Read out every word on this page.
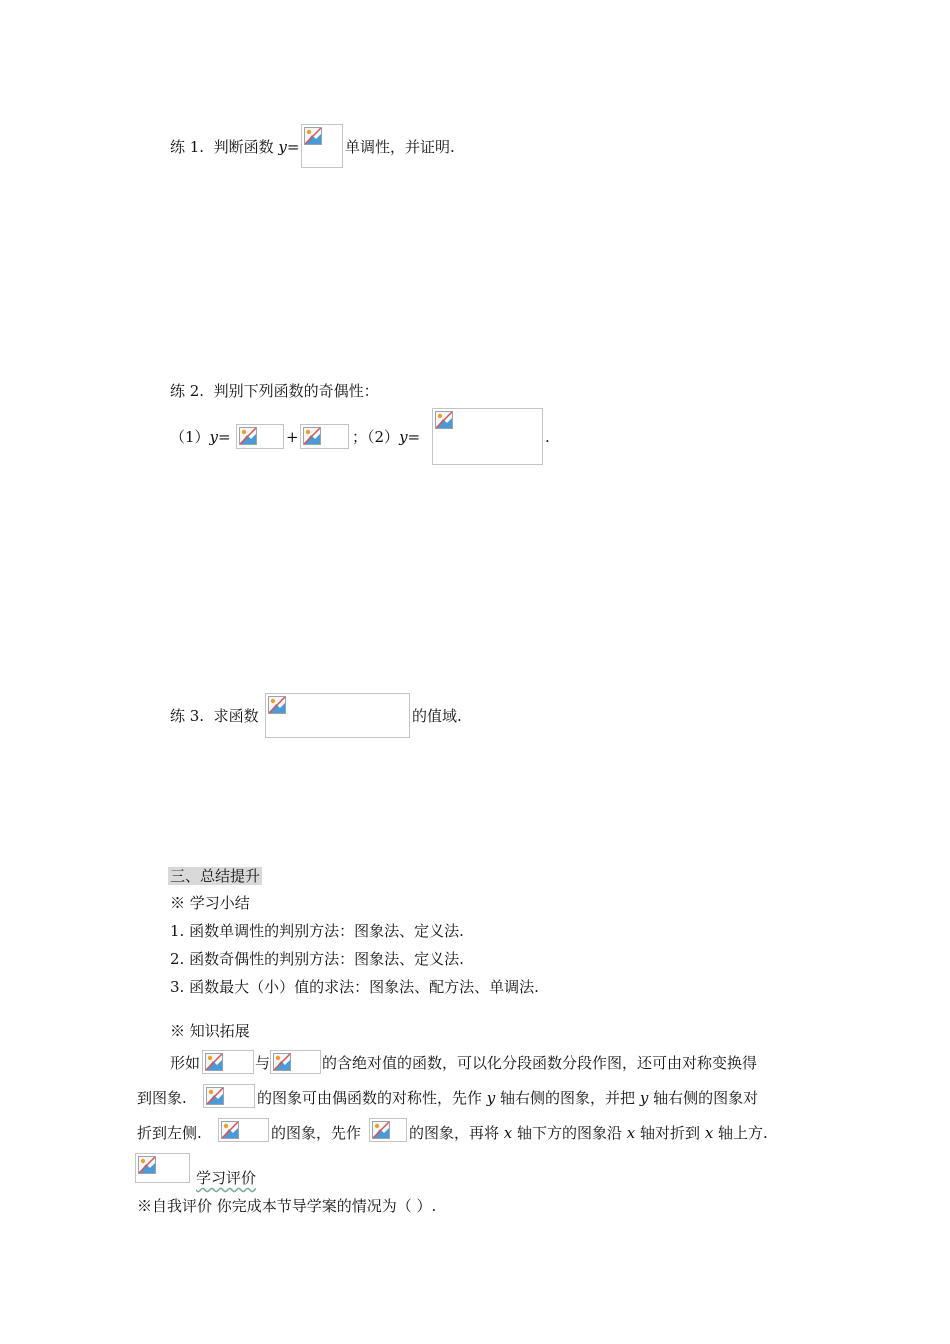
练 1. 判断函数 y=	单调性，并证明.
练 2. 判别下列函数的奇偶性：
（1）y=	+	；（2）y=	.
练 3. 求函数	的值域.
三、总结提升
※ 学习小结
1. 函数单调性的判别方法：图象法、定义法.
2. 函数奇偶性的判别方法：图象法、定义法.
3. 函数最大（小）值的求法：图象法、配方法、单调法.
※ 知识拓展
形如	与	的含绝对值的函数，可以化分段函数分段作图，还可由对称变换得
到图象.	的图象可由偶函数的对称性，先作 y 轴右侧的图象，并把 y 轴右侧的图象对
折到左侧.	的图象，先作	的图象，再将 x 轴下方的图象沿 x 轴对折到 x 轴上方.
学习评价
※自我评价 你完成本节导学案的情况为（ ）.
